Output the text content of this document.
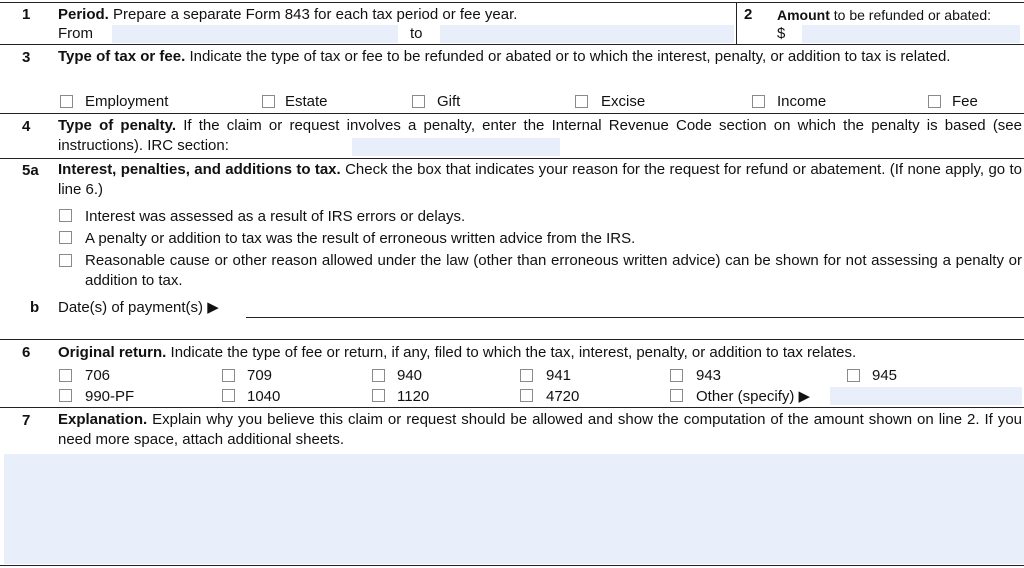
1 Period. Prepare a separate Form 843 for each tax period or fee year.
From	to
2 Amount to be refunded or abated:
$
3 Type of tax or fee. Indicate the type of tax or fee to be refunded or abated or to which the interest, penalty, or addition to tax is related.
Employment	Estate	Gift	Excise	Income	Fee
4 Type of penalty. If the claim or request involves a penalty, enter the Internal Revenue Code section on which the penalty is based (see instructions). IRC section:
5a Interest, penalties, and additions to tax. Check the box that indicates your reason for the request for refund or abatement. (If none apply, go to line 6.)
Interest was assessed as a result of IRS errors or delays.
A penalty or addition to tax was the result of erroneous written advice from the IRS.
Reasonable cause or other reason allowed under the law (other than erroneous written advice) can be shown for not assessing a penalty or addition to tax.
b Date(s) of payment(s) ▶
6 Original return. Indicate the type of fee or return, if any, filed to which the tax, interest, penalty, or addition to tax relates.
706	709	940	941	943	945
990-PF	1040	1120	4720	Other (specify) ▶
7 Explanation. Explain why you believe this claim or request should be allowed and show the computation of the amount shown on line 2. If you need more space, attach additional sheets.
